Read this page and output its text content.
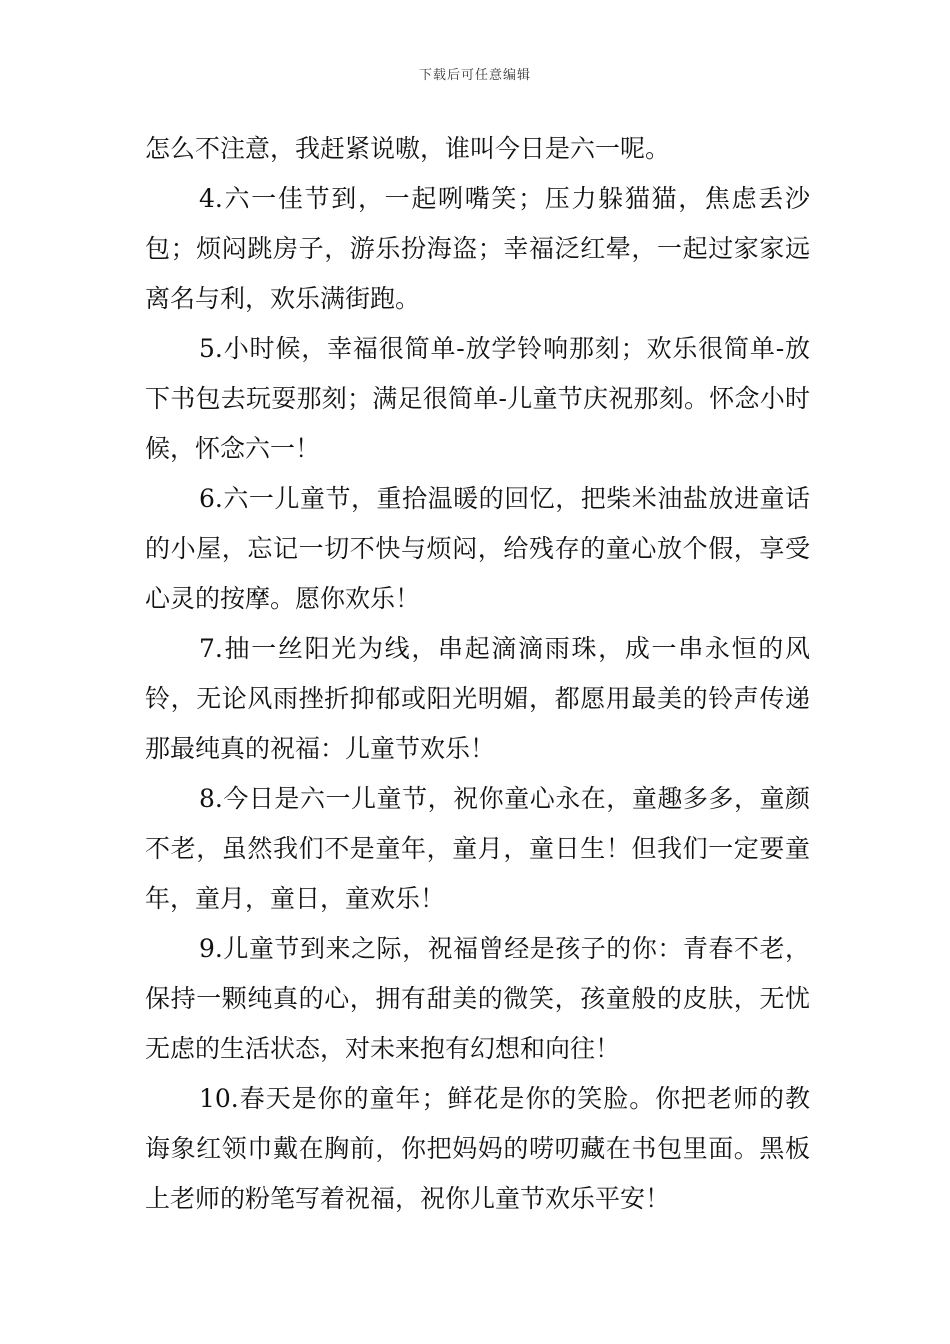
下载后可任意编辑

怎么不注意，我赶紧说嗷，谁叫今日是六一呢。

4.六一佳节到，一起咧嘴笑；压力躲猫猫，焦虑丢沙包；烦闷跳房子，游乐扮海盗；幸福泛红晕，一起过家家远离名与利，欢乐满街跑。

5.小时候，幸福很简单-放学铃响那刻；欢乐很简单-放下书包去玩耍那刻；满足很简单-儿童节庆祝那刻。怀念小时候，怀念六一！

6.六一儿童节，重拾温暖的回忆，把柴米油盐放进童话的小屋，忘记一切不快与烦闷，给残存的童心放个假，享受心灵的按摩。愿你欢乐！

7.抽一丝阳光为线，串起滴滴雨珠，成一串永恒的风铃，无论风雨挫折抑郁或阳光明媚，都愿用最美的铃声传递那最纯真的祝福：儿童节欢乐！

8.今日是六一儿童节，祝你童心永在，童趣多多，童颜不老，虽然我们不是童年，童月，童日生！但我们一定要童年，童月，童日，童欢乐！

9.儿童节到来之际，祝福曾经是孩子的你：青春不老，保持一颗纯真的心，拥有甜美的微笑，孩童般的皮肤，无忧无虑的生活状态，对未来抱有幻想和向往！

10.春天是你的童年；鲜花是你的笑脸。你把老师的教诲象红领巾戴在胸前，你把妈妈的唠叨藏在书包里面。黑板上老师的粉笔写着祝福，祝你儿童节欢乐平安！
